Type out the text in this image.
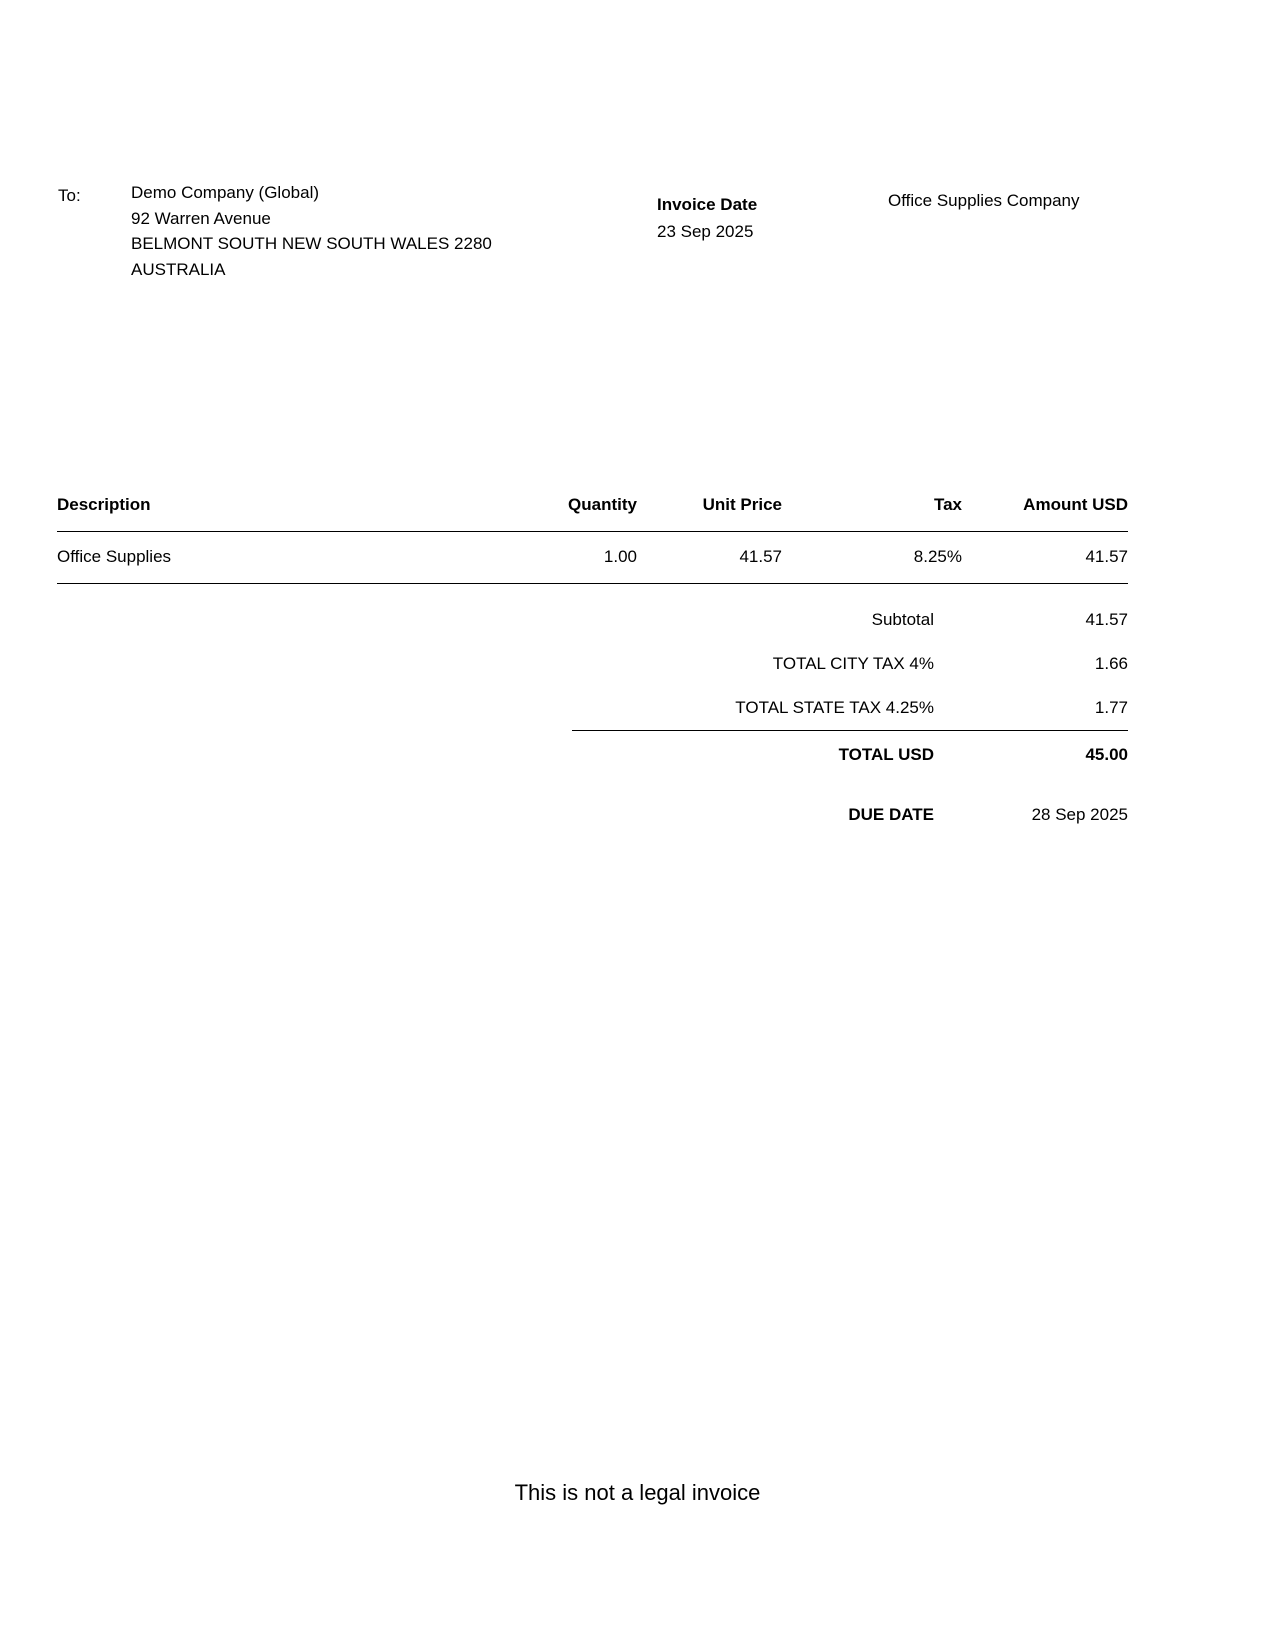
To:	Demo Company (Global)
92 Warren Avenue
BELMONT SOUTH NEW SOUTH WALES 2280
AUSTRALIA
Invoice Date
23 Sep 2025
Office Supplies Company
Description	Quantity	Unit Price	Tax	Amount USD
Office Supplies	1.00	41.57	8.25%	41.57
Subtotal	41.57
TOTAL CITY TAX 4%	1.66
TOTAL STATE TAX 4.25%	1.77
TOTAL USD	45.00
DUE DATE	28 Sep 2025
This is not a legal invoice
